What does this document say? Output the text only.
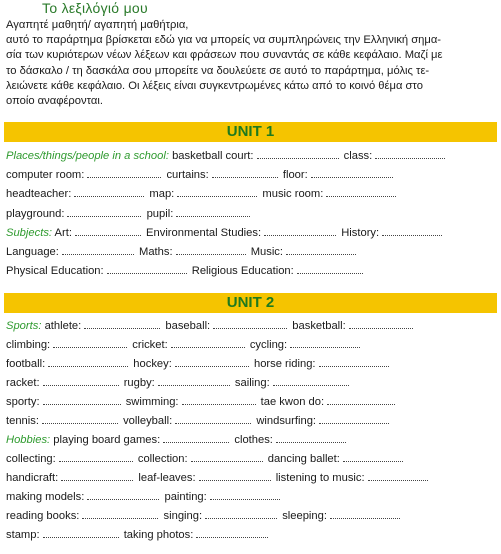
Το λεξιλόγιό μου
Αγαπητέ μαθητή/ αγαπητή μαθήτρια,
αυτό το παράρτημα βρίσκεται εδώ για να μπορείς να συμπληρώνεις την Ελληνική σημα-
σία των κυριότερων νέων λέξεων και φράσεων που συναντάς σε κάθε κεφάλαιο. Μαζί με
το δάσκαλο / τη δασκάλα σου μπορείτε να δουλεύετε σε αυτό το παράρτημα, μόλις τε-
λειώνετε κάθε κεφάλαιο. Οι λέξεις είναι συγκεντρωμένες κάτω από το κοινό θέμα στο
οποίο αναφέρονται.
UNIT 1
Places/things/people in a school: basketball court:	class:
computer room:	curtains:	floor:
headteacher:	map:	music room:
playground:	pupil:
Subjects: Art:	Environmental Studies:	History:
Language:	Maths:	Music:
Physical Education:	Religious Education:
UNIT 2
Sports: athlete:	baseball:	basketball:
climbing:	cricket:	cycling:
football:	hockey:	horse riding:
racket:	rugby:	sailing:
sporty:	swimming:	tae kwon do:
tennis:	volleyball:	windsurfing:
Hobbies: playing board games:	clothes:
collecting:	collection:	dancing ballet:
handicraft:	leaf-leaves:	listening to music:
making models:	painting:
reading books:	singing:	sleeping:
stamp:	taking photos:
